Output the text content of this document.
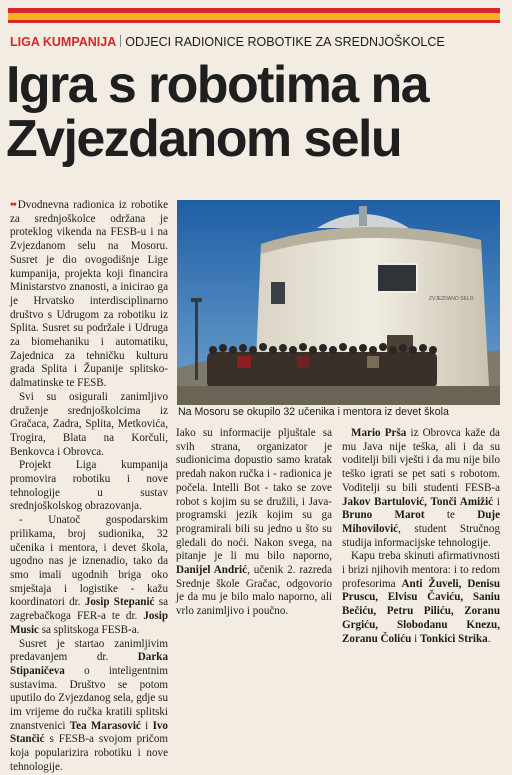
LIGA KUMPANIJA ODJECI RADIONICE ROBOTIKE ZA SREDNJOŠKOLCE
Igra s robotima na
Zvjezdanom selu

•• Dvodnevna radionica iz robotike za srednjoškolce održana je proteklog vikenda na FESB-u i na Zvjezdanom selu na Mosoru. Susret je dio ovogodišnje Lige kumpanija, projekta koji financira Ministarstvo znanosti, a inicirao ga je Hrvatsko interdisciplinarno društvo s Udrugom za robotiku iz Splita. Susret su podržale i Udruga za biomehaniku i automatiku, Zajednica za tehničku kulturu grada Splita i Županije splitsko-dalmatinske te FESB.

Svi su osigurali zanimljivo druženje srednjoškolcima iz Gračaca, Zadra, Splita, Metkovića, Trogira, Blata na Korčuli, Benkovca i Obrovca.

Projekt Liga kumpanija promovira robotiku i nove tehnologije u sustav srednjoškolskog obrazovanja.

- Unatoč gospodarskim prilikama, broj sudionika, 32 učenika i mentora, i devet škola, ugodno nas je iznenadio, tako da smo imali ugodnih briga oko smještaja i logistike - kažu koordinatori dr. Josip Stepanić sa zagrebačkoga FER-a te dr. Josip Music sa splitskoga FESB-a.

Susret je startao zanimljivim predavanjem dr. Darka Stipaničeva o inteligentnim sustavima. Društvo se potom uputilo do Zvjezdanog sela, gdje su im vrijeme do ručka kratili splitski znanstvenici Tea Marasović i Ivo Stančić s FESB-a svojom pričom koja popularizira robotiku i nove tehnologije.

ZVJEZDANO SELO
Na Mosoru se okupilo 32 učenika i mentora iz devet škola

Iako su informacije pljuštale sa svih strana, organizator je sudionicima dopustio samo kratak predah nakon ručka i - radionica je počela. Intelli Bot - tako se zove robot s kojim su se družili, i Java-programski jezik kojim su ga programirali bili su jedno u što su gledali do noći. Nakon svega, na pitanje je li mu bilo naporno, Danijel Andrić, učenik 2. razreda Srednje škole Gračac, odgovorio je da mu je bilo malo naporno, ali vrlo zanimljivo i poučno.

Mario Prša iz Obrovca kaže da mu Java nije teška, ali i da su voditelji bili vješti i da mu nije bilo teško igrati se pet sati s robotom. Voditelji su bili studenti FESB-a Jakov Bartulović, Tonči Amižić i Bruno Marot te Duje Mihovilović, student Stručnog studija informacijske tehnologije.

Kapu treba skinuti afirmativnosti i brizi njihovih mentora: i to redom profesorima Anti Žuveli, Denisu Pruscu, Elvisu Čaviću, Saniu Bečiću, Petru Piliću, Zoranu Grgiću, Slobodanu Knezu, Zoranu Čoliću i Tonkici Strika.
